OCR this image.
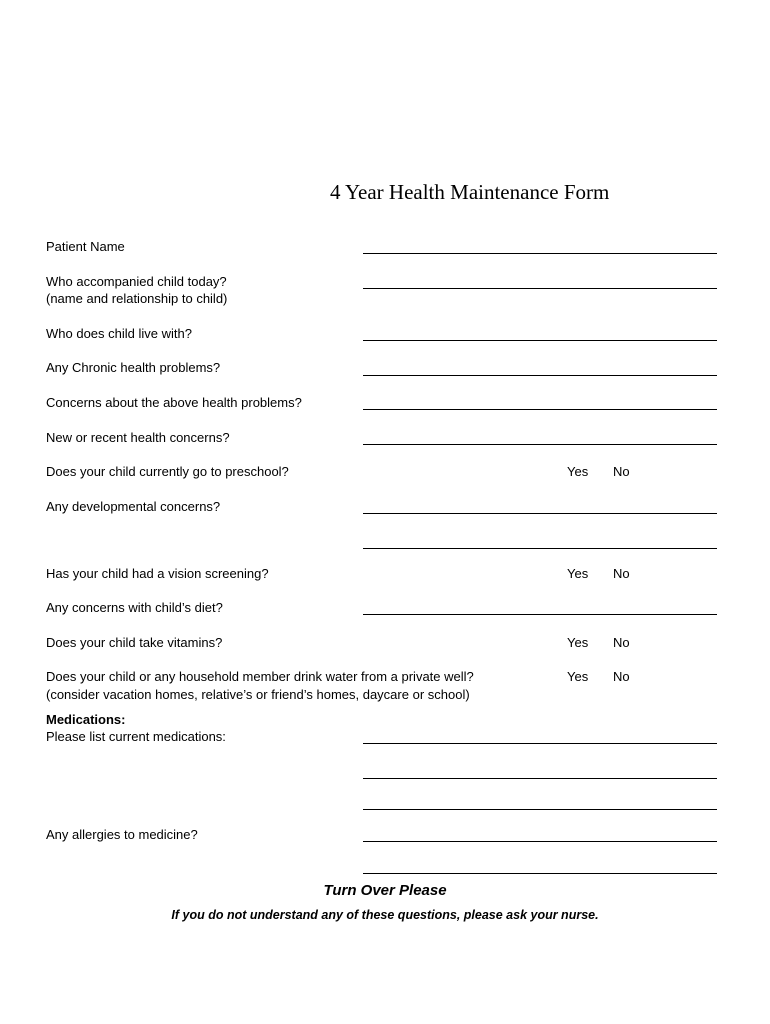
4 Year Health Maintenance Form
Patient Name
Who accompanied child today?
(name and relationship to child)
Who does child live with?
Any Chronic health problems?
Concerns about the above health problems?
New or recent health concerns?
Does your child currently go to preschool?	Yes No
Any developmental concerns?
Has your child had a vision screening?	Yes No
Any concerns with child’s diet?
Does your child take vitamins?	Yes No
Does your child or any household member drink water from a private well?
(consider vacation homes, relative’s or friend’s homes, daycare or school)
Yes No
Medications:
Please list current medications:
Any allergies to medicine?
Turn Over Please
If you do not understand any of these questions, please ask your nurse.
